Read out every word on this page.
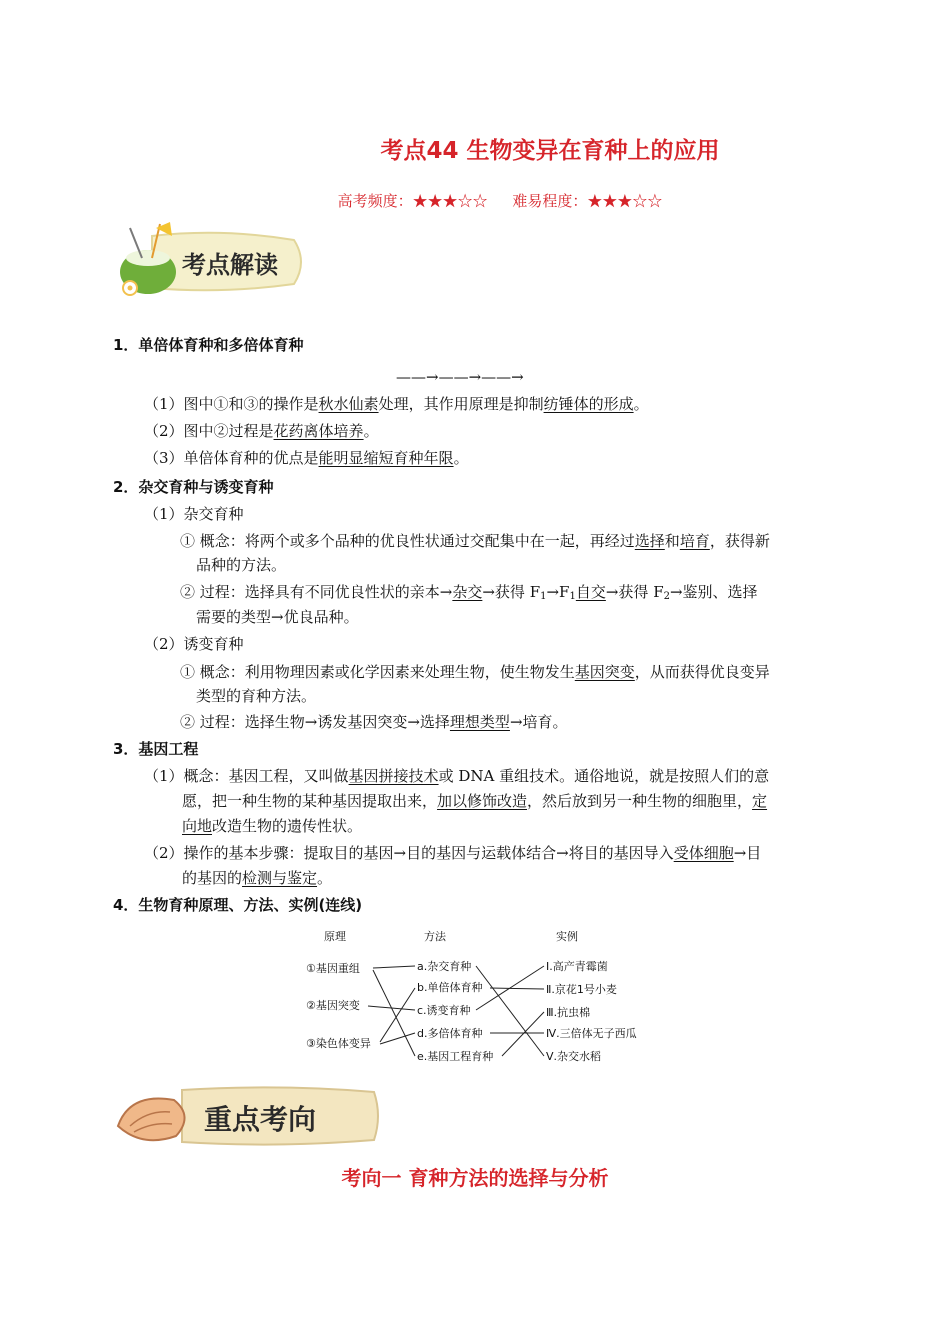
考点44 生物变异在育种上的应用
高考频度：★★★☆☆ 难易程度：★★★☆☆
考点解读
1．单倍体育种和多倍体育种
——→——→——→
（1）图中①和③的操作是秋水仙素处理，其作用原理是抑制纺锤体的形成。
（2）图中②过程是花药离体培养。
（3）单倍体育种的优点是能明显缩短育种年限。
2．杂交育种与诱变育种
（1）杂交育种
① 概念：将两个或多个品种的优良性状通过交配集中在一起，再经过选择和培育，获得新
品种的方法。
② 过程：选择具有不同优良性状的亲本→杂交→获得 $F_1\to F_1$自交→获得 $F_2\to$鉴别、选择
需要的类型→优良品种。
（2）诱变育种
① 概念：利用物理因素或化学因素来处理生物，使生物发生基因突变，从而获得优良变异
类型的育种方法。
② 过程：选择生物→诱发基因突变→选择理想类型→培育。
3．基因工程
（1）概念：基因工程，又叫做基因拼接技术或 DNA 重组技术。通俗地说，就是按照人们的意
愿，把一种生物的某种基因提取出来，加以修饰改造，然后放到另一种生物的细胞里，定
向地改造生物的遗传性状。
（2）操作的基本步骤：提取目的基因→目的基因与运载体结合→将目的基因导入受体细胞→目
的基因的检测与鉴定。
4．生物育种原理、方法、实例(连线)
原理	方法	实例
①基因重组
②基因突变
③染色体变异
a.杂交育种
b.单倍体育种
c.诱变育种
d.多倍体育种
e.基因工程育种
Ⅰ.高产青霉菌
Ⅱ.京花1号小麦
Ⅲ.抗虫棉
Ⅳ.三倍体无子西瓜
Ⅴ.杂交水稻
重点考向
考向一 育种方法的选择与分析
